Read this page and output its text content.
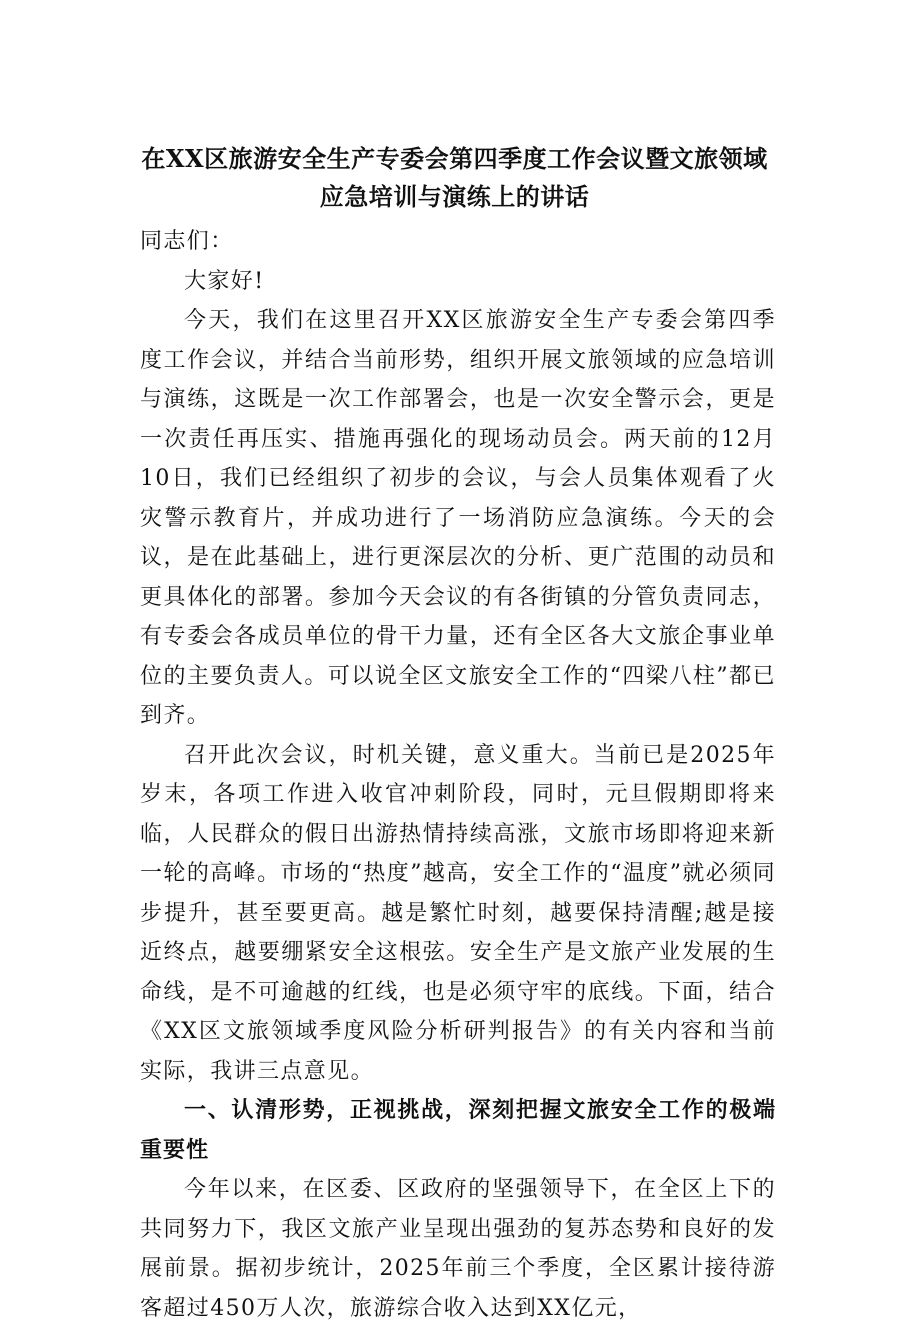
在XX区旅游安全生产专委会第四季度工作会议暨文旅领域
应急培训与演练上的讲话

同志们：

大家好!

今天，我们在这里召开XX区旅游安全生产专委会第四季度工作会议，并结合当前形势，组织开展文旅领域的应急培训与演练，这既是一次工作部署会，也是一次安全警示会，更是一次责任再压实、措施再强化的现场动员会。两天前的12月10日，我们已经组织了初步的会议，与会人员集体观看了火灾警示教育片，并成功进行了一场消防应急演练。今天的会议，是在此基础上，进行更深层次的分析、更广范围的动员和更具体化的部署。参加今天会议的有各街镇的分管负责同志，有专委会各成员单位的骨干力量，还有全区各大文旅企事业单位的主要负责人。可以说全区文旅安全工作的“四梁八柱”都已到齐。

召开此次会议，时机关键，意义重大。当前已是2025年岁末，各项工作进入收官冲刺阶段，同时，元旦假期即将来临，人民群众的假日出游热情持续高涨，文旅市场即将迎来新一轮的高峰。市场的“热度”越高，安全工作的“温度”就必须同步提升，甚至要更高。越是繁忙时刻，越要保持清醒;越是接近终点，越要绷紧安全这根弦。安全生产是文旅产业发展的生命线，是不可逾越的红线，也是必须守牢的底线。下面，结合《XX区文旅领域季度风险分析研判报告》的有关内容和当前实际，我讲三点意见。

一、认清形势，正视挑战，深刻把握文旅安全工作的极端重要性

今年以来，在区委、区政府的坚强领导下，在全区上下的共同努力下，我区文旅产业呈现出强劲的复苏态势和良好的发展前景。据初步统计，2025年前三个季度，全区累计接待游客超过450万人次，旅游综合收入达到XX亿元，
